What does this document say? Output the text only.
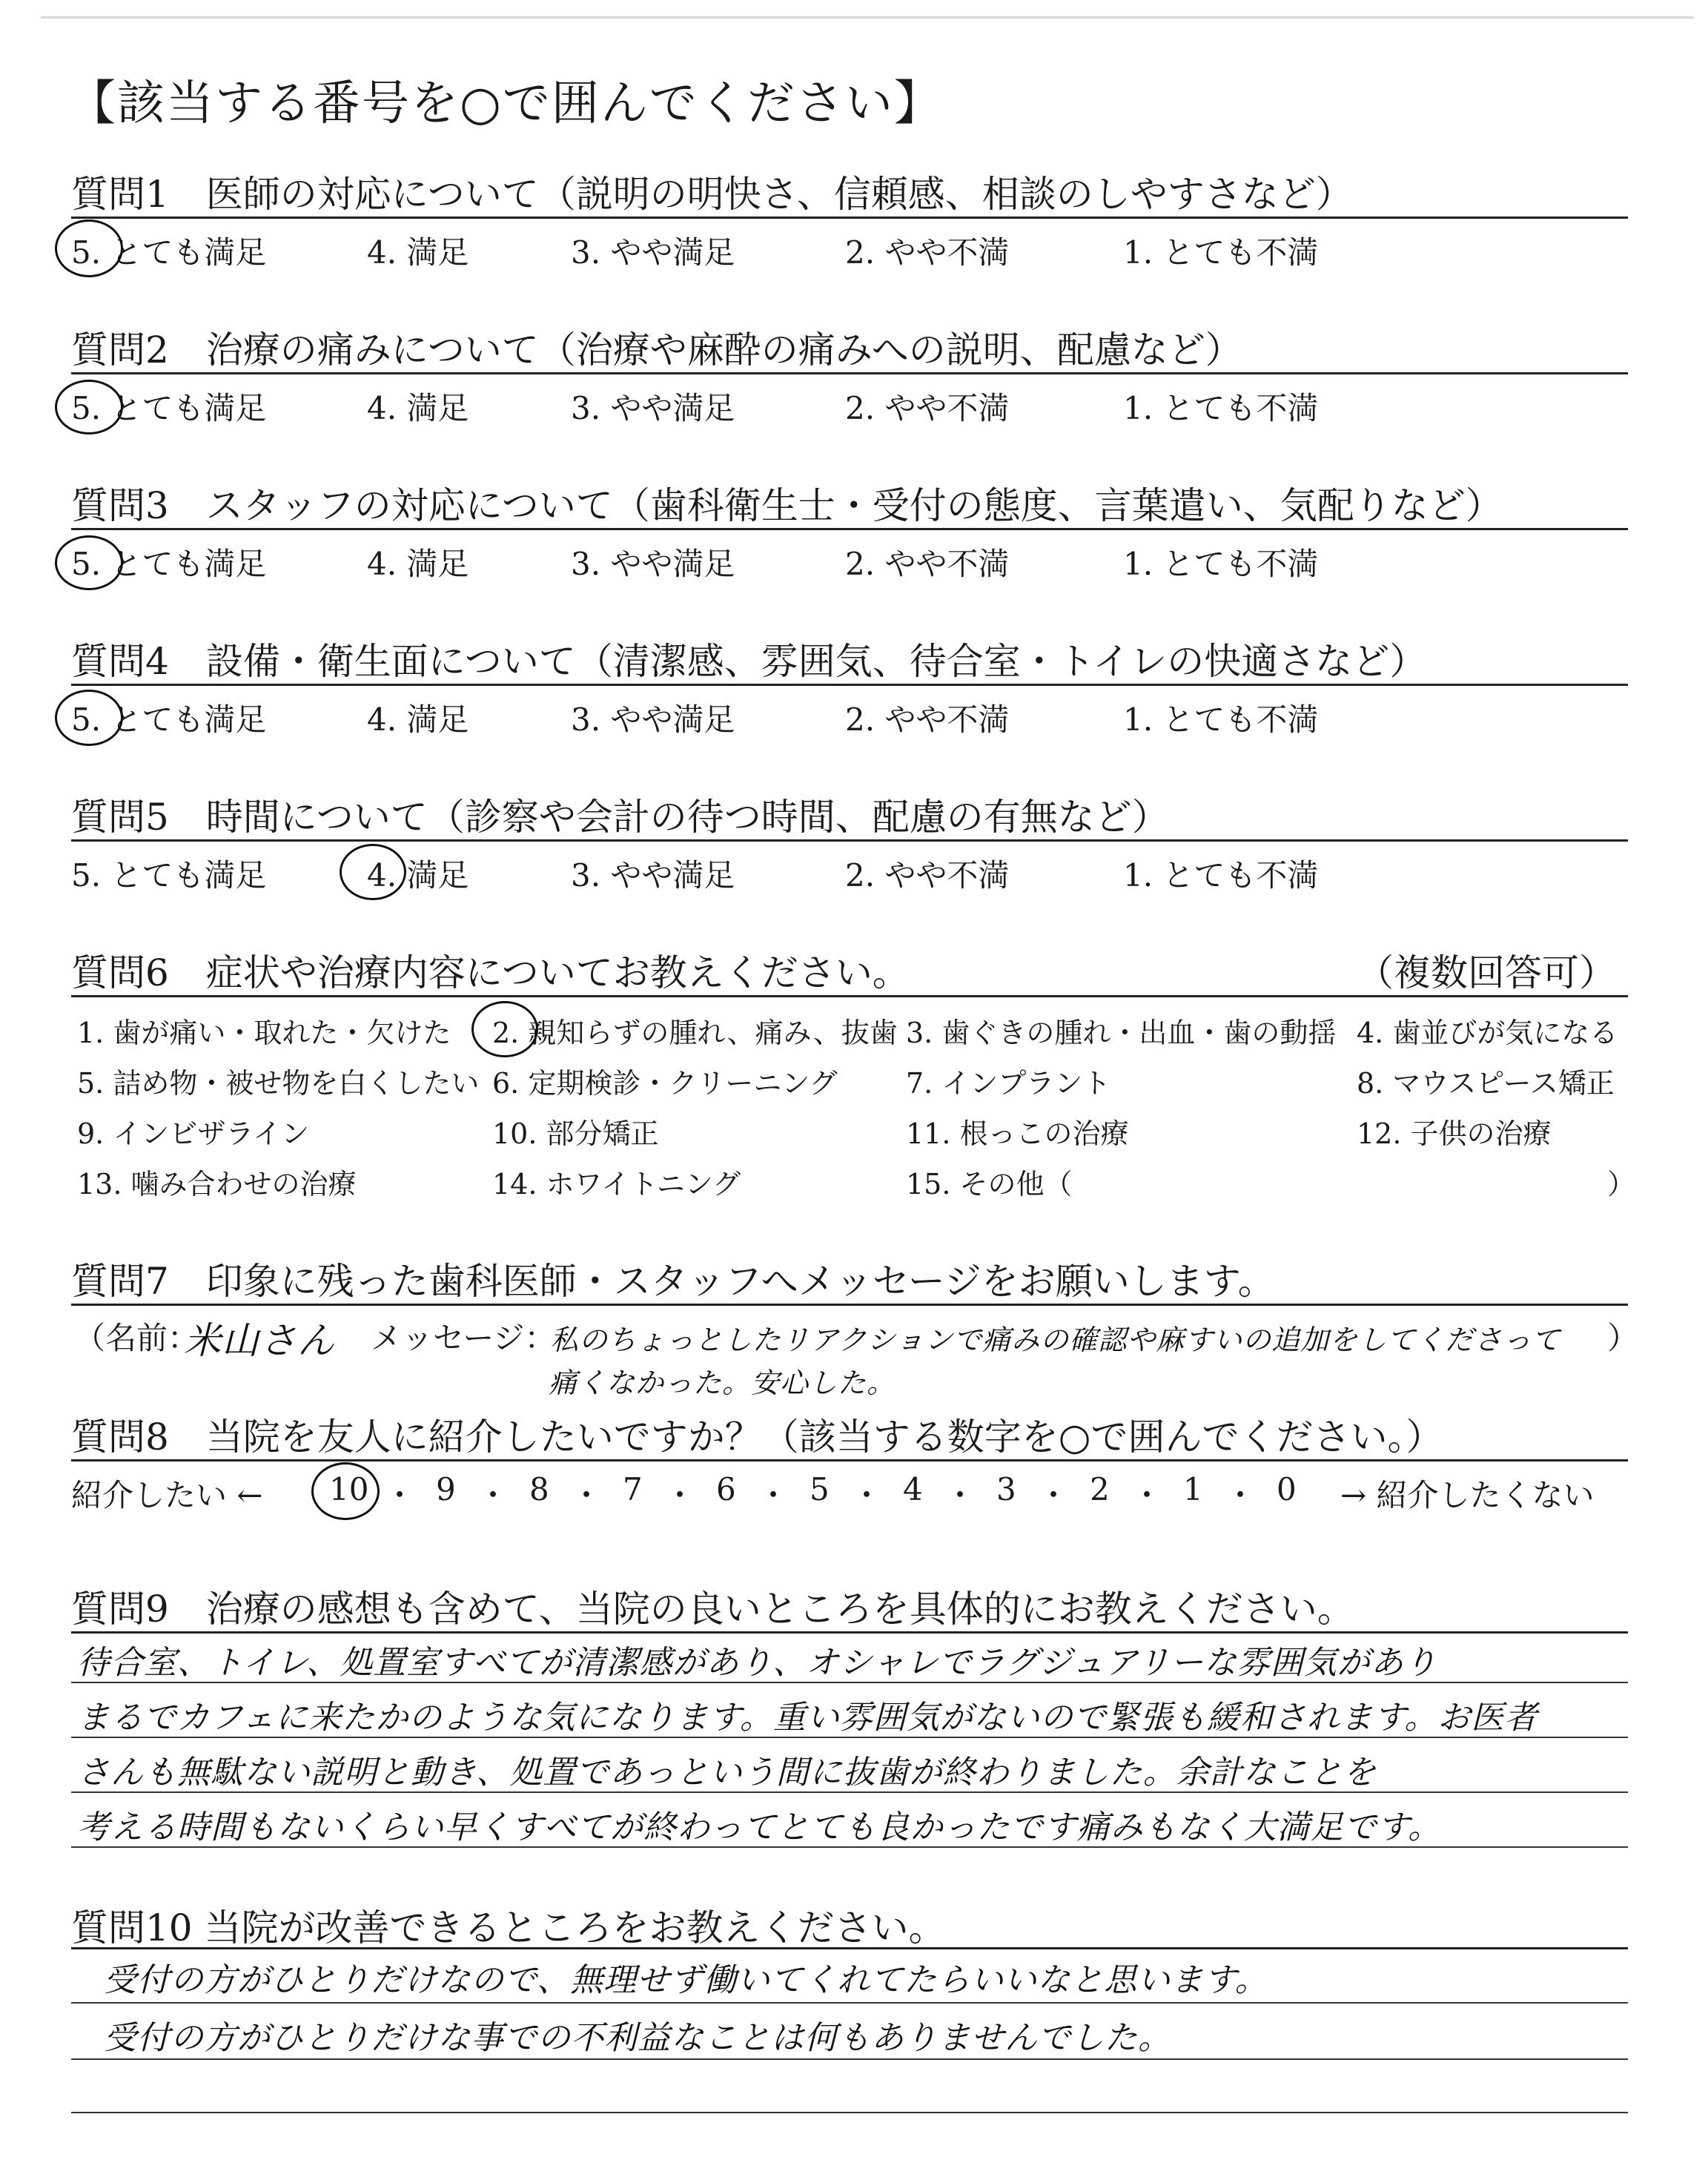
【該当する番号を○で囲んでください】
質問1　医師の対応について（説明の明快さ、信頼感、相談のしやすさなど）
5. とても満足	4. 満足	3. やや満足	2. やや不満	1. とても不満
質問2　治療の痛みについて（治療や麻酔の痛みへの説明、配慮など）
5. とても満足	4. 満足	3. やや満足	2. やや不満	1. とても不満
質問3　スタッフの対応について（歯科衛生士・受付の態度、言葉遣い、気配りなど）
5. とても満足	4. 満足	3. やや満足	2. やや不満	1. とても不満
質問4　設備・衛生面について（清潔感、雰囲気、待合室・トイレの快適さなど）
5. とても満足	4. 満足	3. やや満足	2. やや不満	1. とても不満
質問5　時間について（診察や会計の待つ時間、配慮の有無など）
5. とても満足	4. 満足	3. やや満足	2. やや不満	1. とても不満
質問6　症状や治療内容についてお教えください。	（複数回答可）
1. 歯が痛い・取れた・欠けた 2. 親知らずの腫れ、痛み、抜歯 3. 歯ぐきの腫れ・出血・歯の動揺 4. 歯並びが気になる
5. 詰め物・被せ物を白くしたい 6. 定期検診・クリーニング 7. インプラント	8. マウスピース矯正
9. インビザライン	10. 部分矯正	11. 根っこの治療	12. 子供の治療
13. 噛み合わせの治療	14. ホワイトニング	15. その他（	）
質問7　印象に残った歯科医師・スタッフへメッセージをお願いします。
（名前：
米山さん メッセージ：
私のちょっとしたリアクションで痛みの確認や麻すいの追加をしてくださって ）
痛くなかった。安心した。
質問8　当院を友人に紹介したいですか？（該当する数字を○で囲んでください。）
紹介したい ←	→ 紹介したくない
10 ・ 9 ・ 8 ・ 7 ・ 6 ・ 5 ・ 4 ・ 3 ・ 2 ・ 1 ・ 0
質問9　治療の感想も含めて、当院の良いところを具体的にお教えください。
待合室、トイレ、処置室すべてが清潔感があり、オシャレでラグジュアリーな雰囲気があり
まるでカフェに来たかのような気になります。重い雰囲気がないので緊張も緩和されます。お医者
さんも無駄ない説明と動き、処置であっという間に抜歯が終わりました。余計なことを
考える時間もないくらい早くすべてが終わってとても良かったです痛みもなく大満足です。
質問10 当院が改善できるところをお教えください。
受付の方がひとりだけなので、無理せず働いてくれてたらいいなと思います。
受付の方がひとりだけな事での不利益なことは何もありませんでした。
